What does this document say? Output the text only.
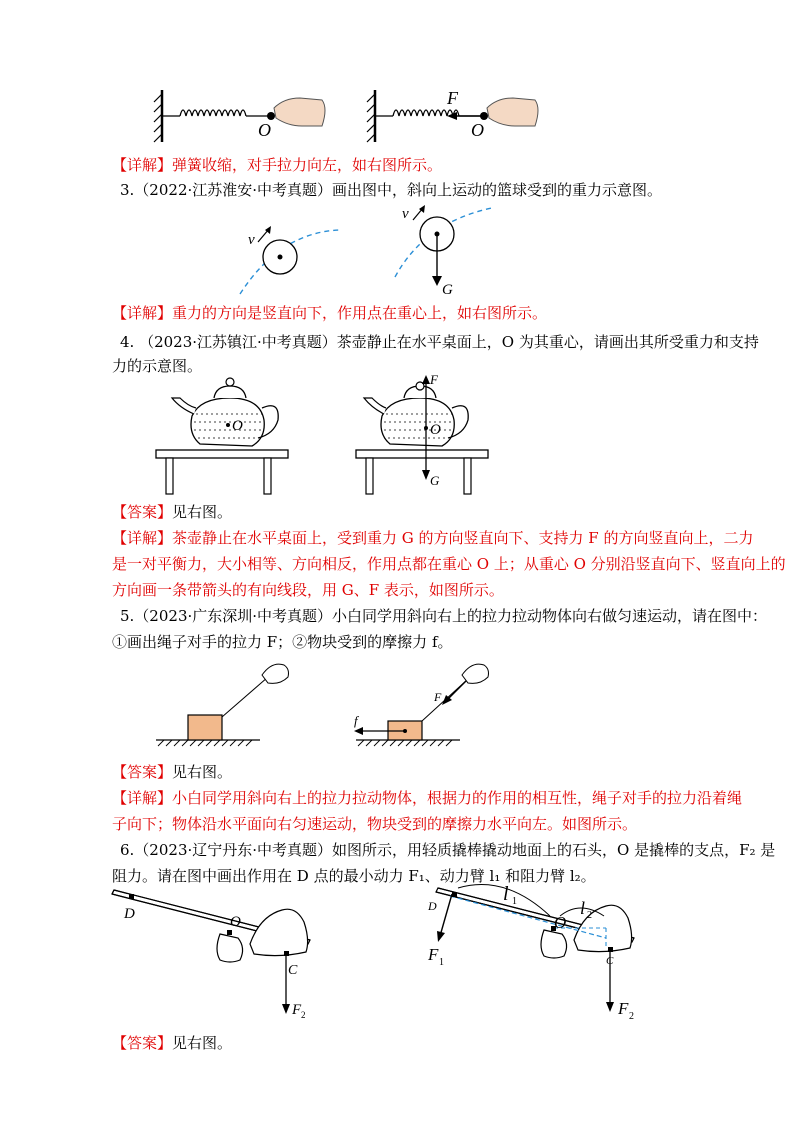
O
F
O
【详解】弹簧收缩，对手拉力向左，如右图所示。
3.（2022·江苏淮安·中考真题）画出图中，斜向上运动的篮球受到的重力示意图。
v
v
G
【详解】重力的方向是竖直向下，作用点在重心上，如右图所示。
4. （2023·江苏镇江·中考真题）茶壶静止在水平桌面上，O 为其重心，请画出其所受重力和支持
力的示意图。
O
F
O
G
【答案】见右图。
【详解】茶壶静止在水平桌面上，受到重力 G 的方向竖直向下、支持力 F 的方向竖直向上，二力
是一对平衡力，大小相等、方向相反，作用点都在重心 O 上；从重心 O 分别沿竖直向下、竖直向上的
方向画一条带箭头的有向线段，用 G、F 表示，如图所示。
5.（2023·广东深圳·中考真题）小白同学用斜向右上的拉力拉动物体向右做匀速运动，请在图中：
①画出绳子对手的拉力 F；②物块受到的摩擦力 f。
F
f
【答案】见右图。
【详解】小白同学用斜向右上的拉力拉动物体，根据力的作用的相互性，绳子对手的拉力沿着绳
子向下；物体沿水平面向右匀速运动，物块受到的摩擦力水平向左。如图所示。
6.（2023·辽宁丹东·中考真题）如图所示，用轻质撬棒撬动地面上的石头，O 是撬棒的支点，F₂ 是
阻力。请在图中画出作用在 D 点的最小动力 F₁、动力臂 l₁ 和阻力臂 l₂。
D	O
C
F 2
D
l 1
O
l 2
C
F 1
F 2
【答案】见右图。
